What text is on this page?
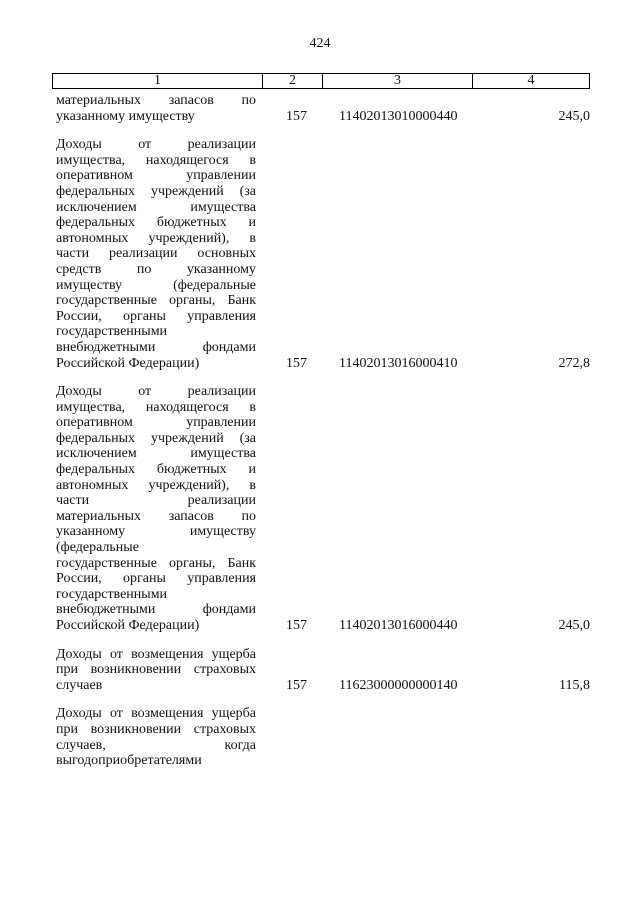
424
1	2	3	4
материальных запасов по
указанному имуществу	157 11402013010000440	245,0
Доходы от реализации
имущества, находящегося в
оперативном управлении
федеральных учреждений (за
исключением имущества
федеральных бюджетных и
автономных учреждений), в
части реализации основных
средств по указанному
имуществу (федеральные
государственные органы, Банк
России, органы управления
государственными
внебюджетными фондами
Российской Федерации)	157 11402013016000410	272,8
Доходы от реализации
имущества, находящегося в
оперативном управлении
федеральных учреждений (за
исключением имущества
федеральных бюджетных и
автономных учреждений), в
части реализации
материальных запасов по
указанному имуществу
(федеральные
государственные органы, Банк
России, органы управления
государственными
внебюджетными фондами
Российской Федерации)	157 11402013016000440	245,0
Доходы от возмещения ущерба
при возникновении страховых
случаев	157 11623000000000140	115,8
Доходы от возмещения ущерба
при возникновении страховых
случаев, когда
выгодоприобретателями
